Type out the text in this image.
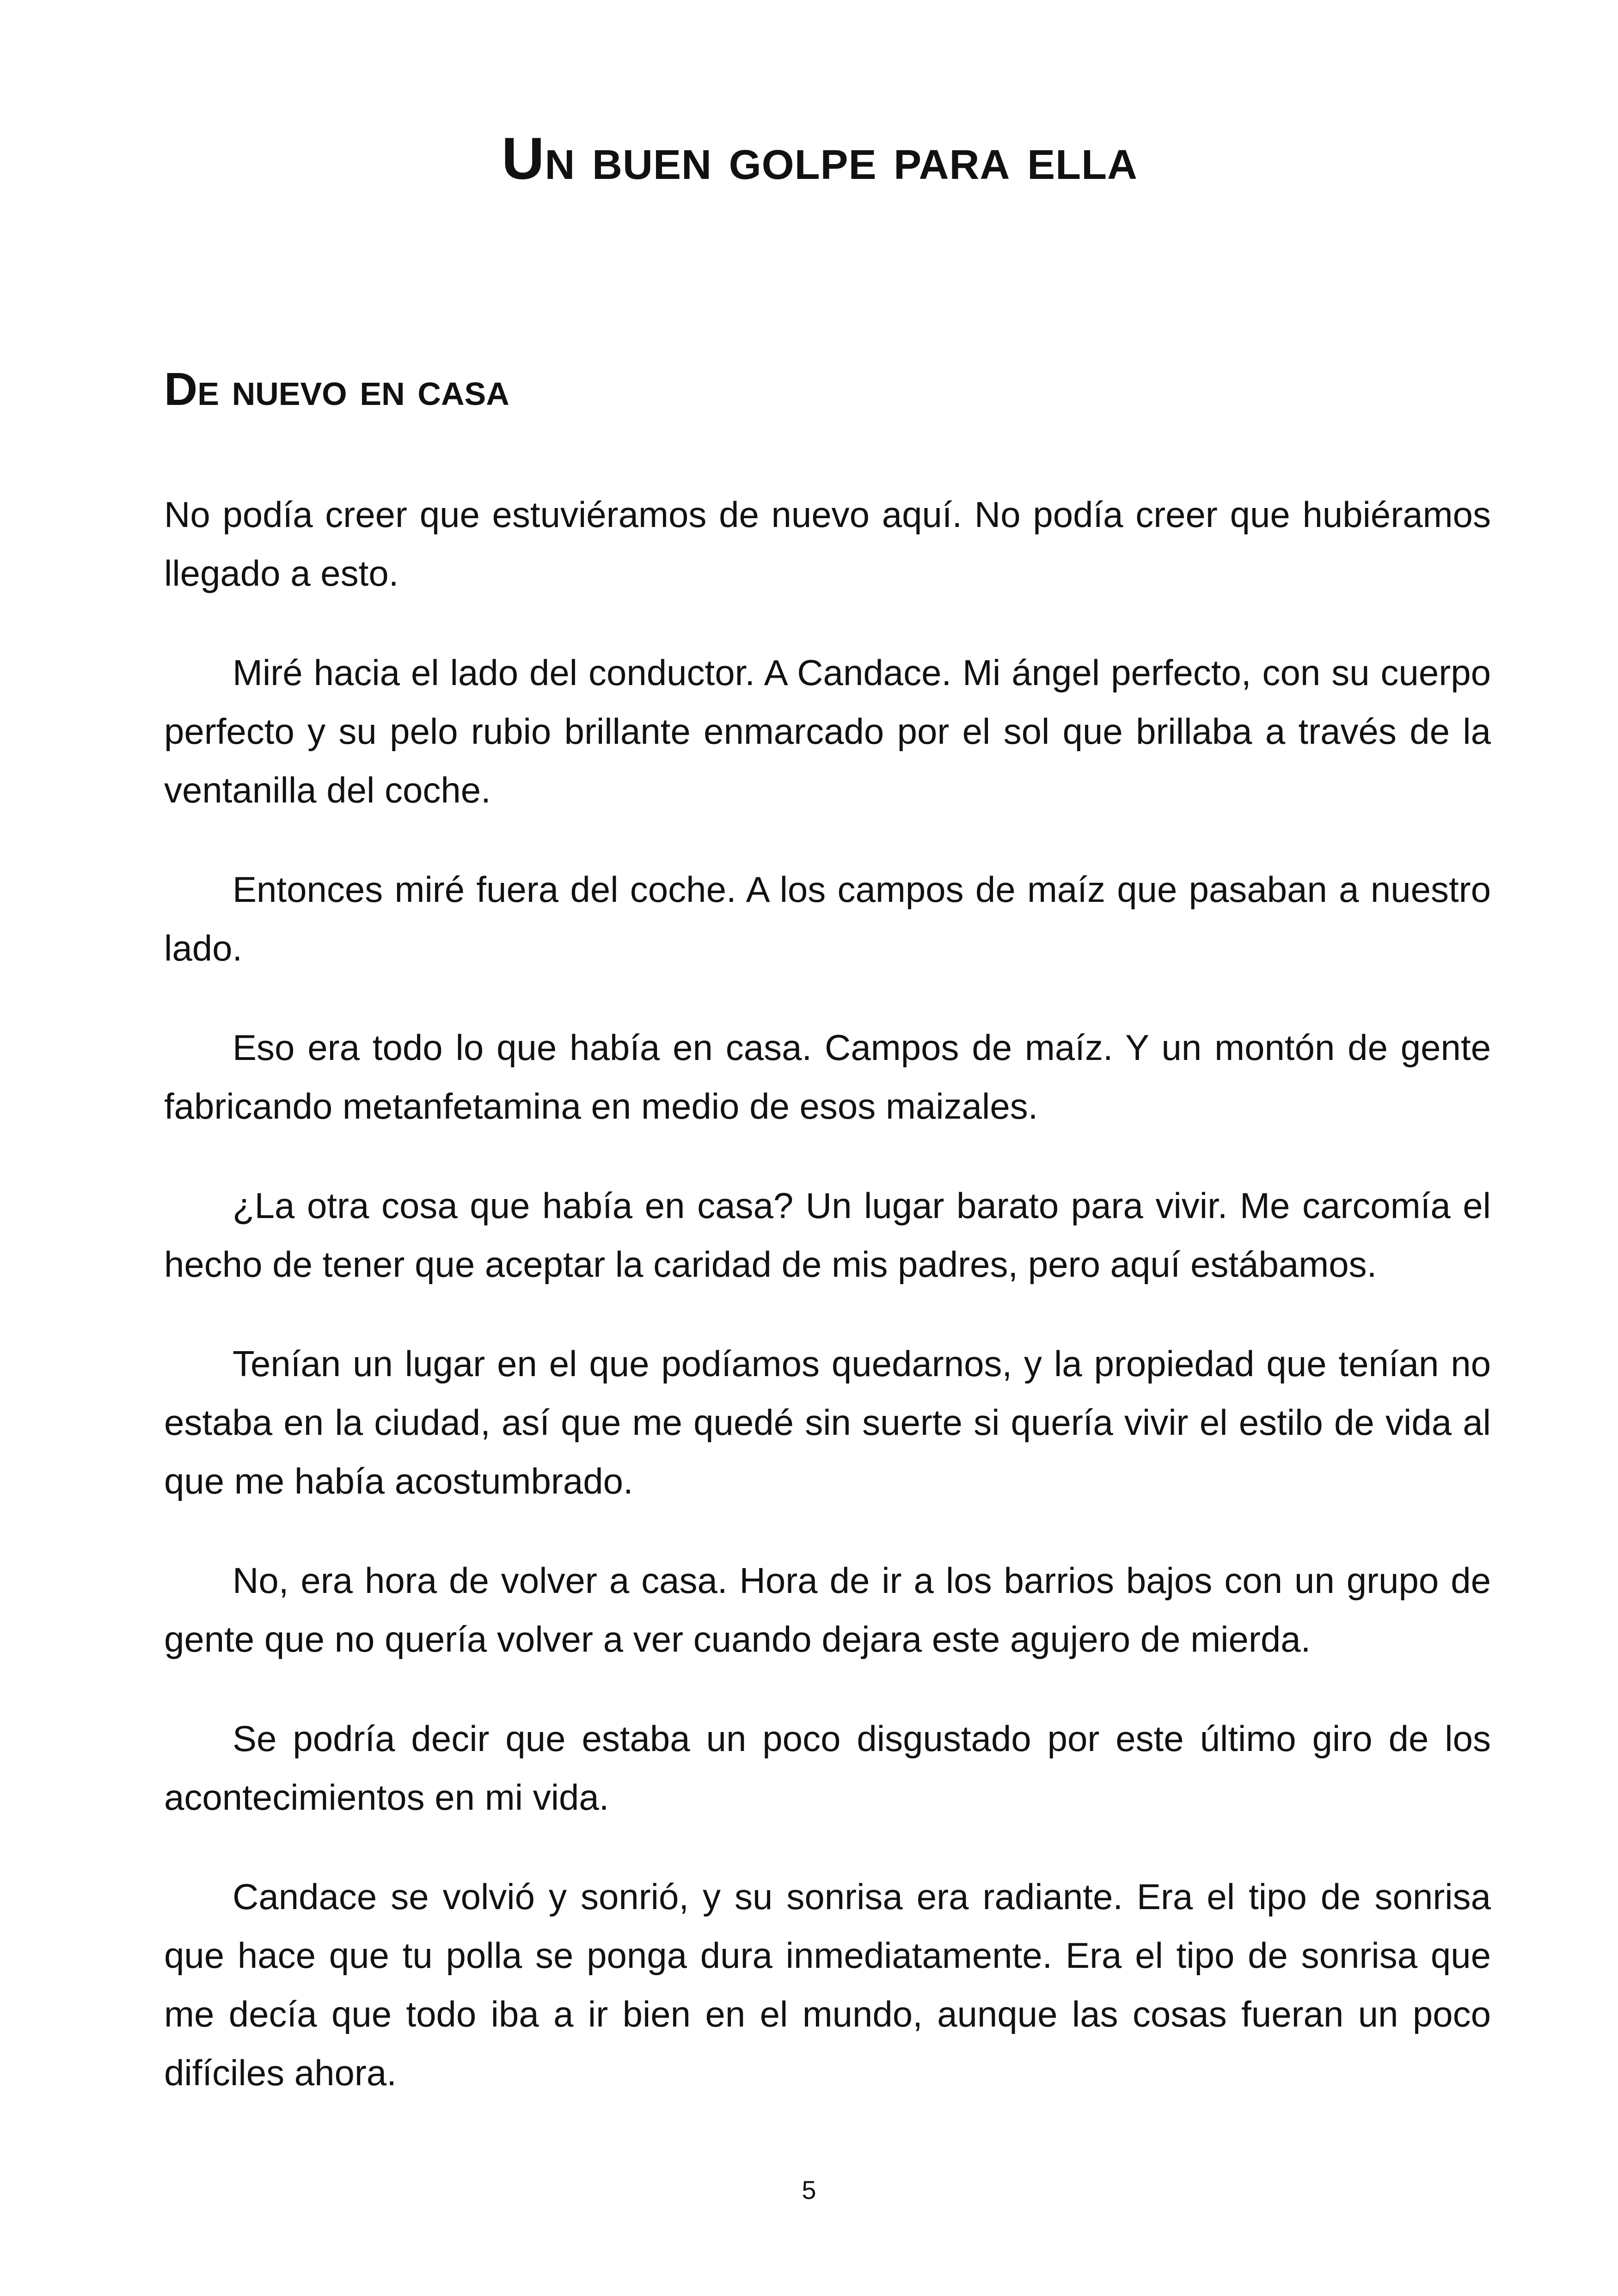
Un buen golpe para ella
De nuevo en casa

No podía creer que estuviéramos de nuevo aquí. No podía creer que hubiéramos llegado a esto.

Miré hacia el lado del conductor. A Candace. Mi ángel perfecto, con su cuerpo perfecto y su pelo rubio brillante enmarcado por el sol que brillaba a través de la ventanilla del coche.

Entonces miré fuera del coche. A los campos de maíz que pasaban a nuestro lado.

Eso era todo lo que había en casa. Campos de maíz. Y un montón de gente fabricando metanfetamina en medio de esos maizales.

¿La otra cosa que había en casa? Un lugar barato para vivir. Me carcomía el hecho de tener que aceptar la caridad de mis padres, pero aquí estábamos.

Tenían un lugar en el que podíamos quedarnos, y la propiedad que tenían no estaba en la ciudad, así que me quedé sin suerte si quería vivir el estilo de vida al que me había acostumbrado.

No, era hora de volver a casa. Hora de ir a los barrios bajos con un grupo de gente que no quería volver a ver cuando dejara este agujero de mierda.

Se podría decir que estaba un poco disgustado por este último giro de los acontecimientos en mi vida.

Candace se volvió y sonrió, y su sonrisa era radiante. Era el tipo de sonrisa que hace que tu polla se ponga dura inmediatamente. Era el tipo de sonrisa que me decía que todo iba a ir bien en el mundo, aunque las cosas fueran un poco difíciles ahora.

5
